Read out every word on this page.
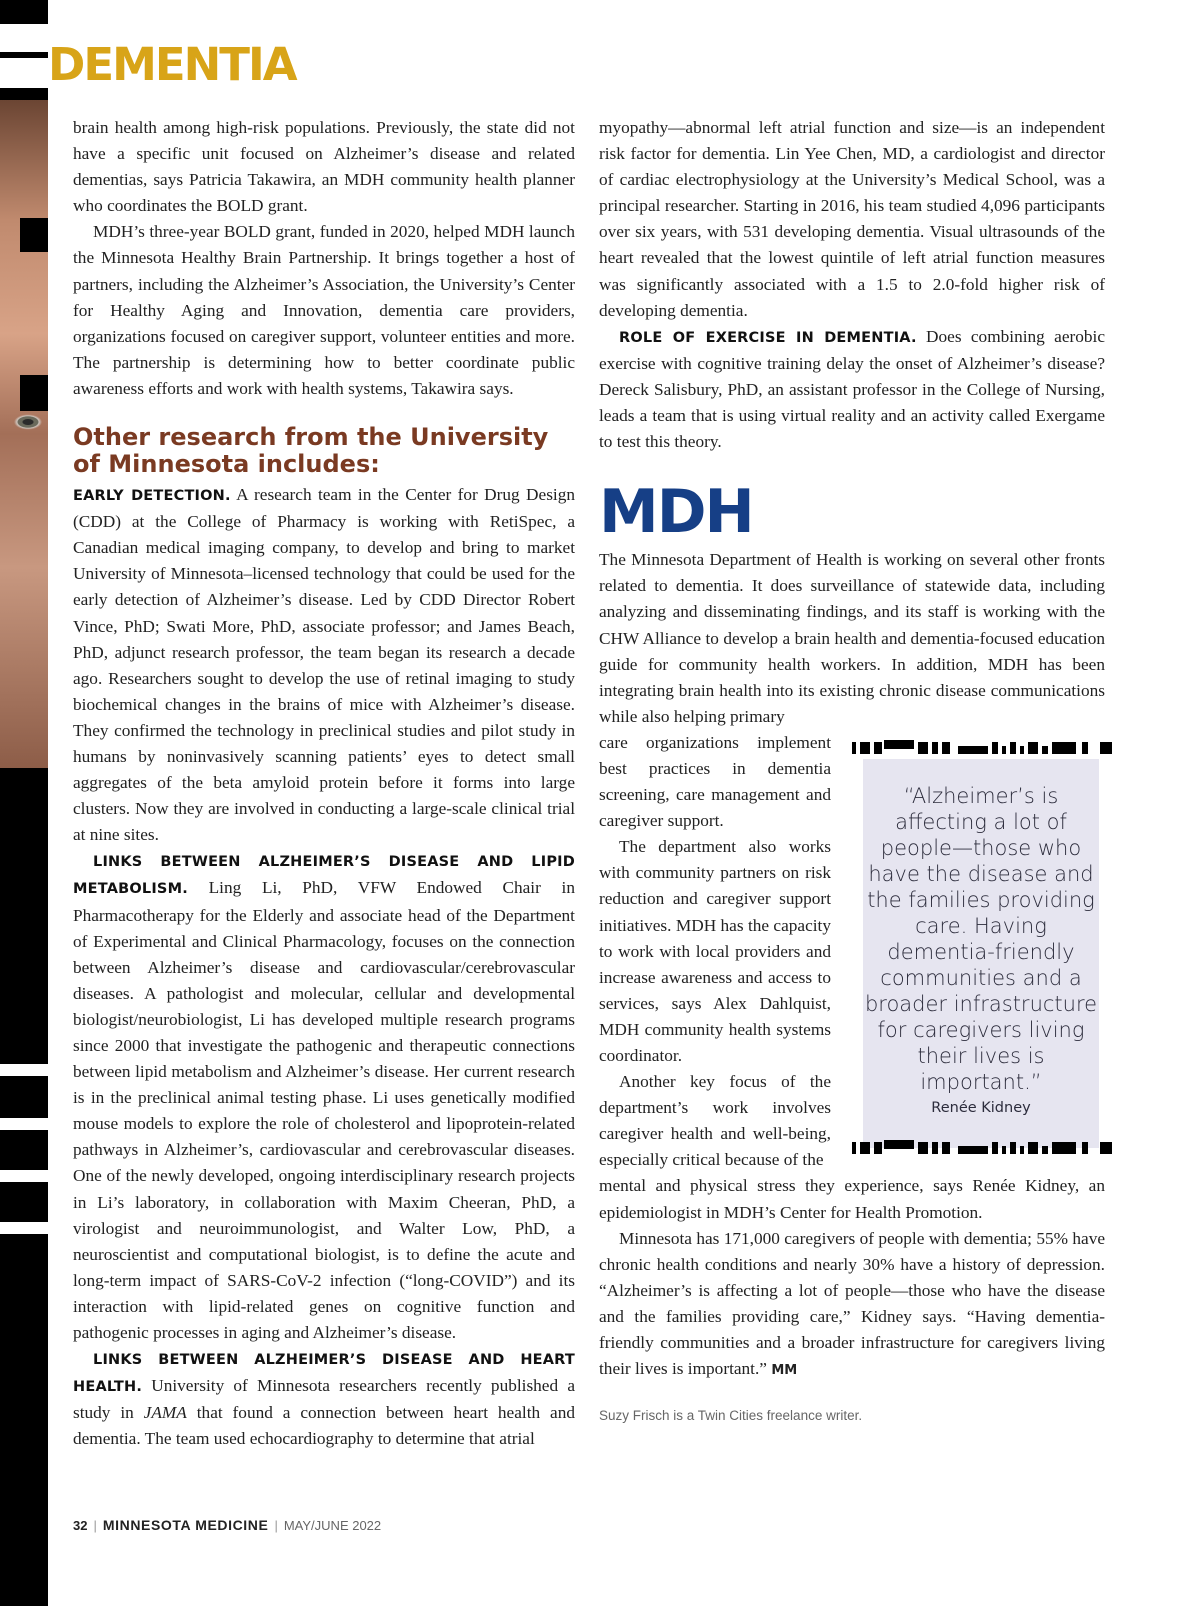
DEMENTIA

brain health among high-risk populations. Previously, the state did not have a specific unit focused on Alzheimer’s disease and related dementias, says Patricia Takawira, an MDH community health planner who coordinates the BOLD grant.

MDH’s three-year BOLD grant, funded in 2020, helped MDH launch the Minnesota Healthy Brain Partnership. It brings together a host of partners, including the Alzheimer’s Association, the University’s Center for Healthy Aging and Innovation, dementia care providers, organizations focused on caregiver support, volunteer entities and more. The partnership is determining how to better coordinate public awareness efforts and work with health systems, Takawira says.

Other research from the University of Minnesota includes:

EARLY DETECTION. A research team in the Center for Drug Design (CDD) at the College of Pharmacy is working with RetiSpec, a Canadian medical imaging company, to develop and bring to market University of Minnesota–licensed technology that could be used for the early detection of Alzheimer’s disease. Led by CDD Director Robert Vince, PhD; Swati More, PhD, associate professor; and James Beach, PhD, adjunct research professor, the team began its research a decade ago. Researchers sought to develop the use of retinal imaging to study biochemical changes in the brains of mice with Alzheimer’s disease. They confirmed the technology in preclinical studies and pilot study in humans by noninvasively scanning patients’ eyes to detect small aggregates of the beta amyloid protein before it forms into large clusters. Now they are involved in conducting a large-scale clinical trial at nine sites.

LINKS BETWEEN ALZHEIMER’S DISEASE AND LIPID METABOLISM. Ling Li, PhD, VFW Endowed Chair in Pharmacotherapy for the Elderly and associate head of the Department of Experimental and Clinical Pharmacology, focuses on the connection between Alzheimer’s disease and cardiovascular/cerebrovascular diseases. A pathologist and molecular, cellular and developmental biologist/neurobiologist, Li has developed multiple research programs since 2000 that investigate the pathogenic and therapeutic connections between lipid metabolism and Alzheimer’s disease. Her current research is in the preclinical animal testing phase. Li uses genetically modified mouse models to explore the role of cholesterol and lipoprotein-related pathways in Alzheimer’s, cardiovascular and cerebrovascular diseases. One of the newly developed, ongoing interdisciplinary research projects in Li’s laboratory, in collaboration with Maxim Cheeran, PhD, a virologist and neuroimmunologist, and Walter Low, PhD, a neuroscientist and computational biologist, is to define the acute and long-term impact of SARS-CoV-2 infection (“long-COVID”) and its interaction with lipid-related genes on cognitive function and pathogenic processes in aging and Alzheimer’s disease.

LINKS BETWEEN ALZHEIMER’S DISEASE AND HEART HEALTH. University of Minnesota researchers recently published a study in JAMA that found a connection between heart health and dementia. The team used echocardiography to determine that atrial

myopathy—abnormal left atrial function and size—is an independent risk factor for dementia. Lin Yee Chen, MD, a cardiologist and director of cardiac electrophysiology at the University’s Medical School, was a principal researcher. Starting in 2016, his team studied 4,096 participants over six years, with 531 developing dementia. Visual ultrasounds of the heart revealed that the lowest quintile of left atrial function measures was significantly associated with a 1.5 to 2.0-fold higher risk of developing dementia.

ROLE OF EXERCISE IN DEMENTIA. Does combining aerobic exercise with cognitive training delay the onset of Alzheimer’s disease? Dereck Salisbury, PhD, an assistant professor in the College of Nursing, leads a team that is using virtual reality and an activity called Exergame to test this theory.

MDH

The Minnesota Department of Health is working on several other fronts related to dementia. It does surveillance of statewide data, including analyzing and disseminating findings, and its staff is working with the CHW Alliance to develop a brain health and dementia-focused education guide for community health workers. In addition, MDH has been integrating brain health into its existing chronic disease communications while also helping primary

care organizations implement best practices in dementia screening, care management and caregiver support.

The department also works with community partners on risk reduction and caregiver support initiatives. MDH has the capacity to work with local providers and increase awareness and access to services, says Alex Dahlquist, MDH community health systems coordinator.

Another key focus of the department’s work involves caregiver health and well-being, especially critical because of the

mental and physical stress they experience, says Renée Kidney, an epidemiologist in MDH’s Center for Health Promotion.

Minnesota has 171,000 caregivers of people with dementia; 55% have chronic health conditions and nearly 30% have a history of depression. “Alzheimer’s is affecting a lot of people—those who have the disease and the families providing care,” Kidney says. “Having dementia-friendly communities and a broader infrastructure for caregivers living their lives is important.” MM

Suzy Frisch is a Twin Cities freelance writer.

“Alzheimer’s is affecting a lot of people—those who have the disease and the families providing care. Having dementia-friendly communities and a broader infrastructure for caregivers living their lives is important.”

Renée Kidney
32 | MINNESOTA MEDICINE | MAY/JUNE 2022
